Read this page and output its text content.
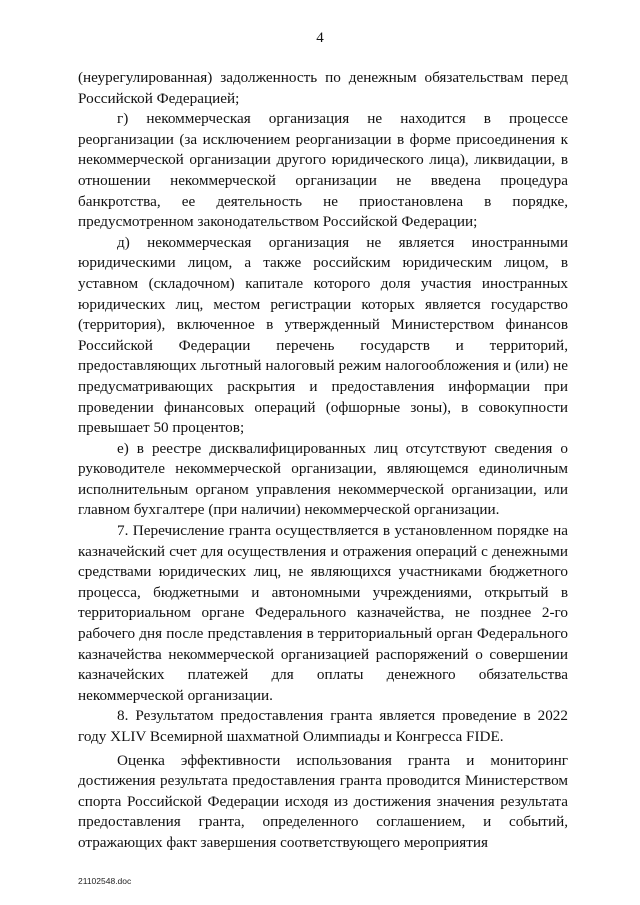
4

(неурегулированная) задолженность по денежным обязательствам перед Российской Федерацией;

г) некоммерческая организация не находится в процессе реорганизации (за исключением реорганизации в форме присоединения к некоммерческой организации другого юридического лица), ликвидации, в отношении некоммерческой организации не введена процедура банкротства, ее деятельность не приостановлена в порядке, предусмотренном законодательством Российской Федерации;

д) некоммерческая организация не является иностранными юридическими лицом, а также российским юридическим лицом, в уставном (складочном) капитале которого доля участия иностранных юридических лиц, местом регистрации которых является государство (территория), включенное в утвержденный Министерством финансов Российской Федерации перечень государств и территорий, предоставляющих льготный налоговый режим налогообложения и (или) не предусматривающих раскрытия и предоставления информации при проведении финансовых операций (офшорные зоны), в совокупности превышает 50 процентов;

е) в реестре дисквалифицированных лиц отсутствуют сведения о руководителе некоммерческой организации, являющемся единоличным исполнительным органом управления некоммерческой организации, или главном бухгалтере (при наличии) некоммерческой организации.

7. Перечисление гранта осуществляется в установленном порядке на казначейский счет для осуществления и отражения операций с денежными средствами юридических лиц, не являющихся участниками бюджетного процесса, бюджетными и автономными учреждениями, открытый в территориальном органе Федерального казначейства, не позднее 2-го рабочего дня после представления в территориальный орган Федерального казначейства некоммерческой организацией распоряжений о совершении казначейских платежей для оплаты денежного обязательства некоммерческой организации.

8. Результатом предоставления гранта является проведение в 2022 году XLIV Всемирной шахматной Олимпиады и Конгресса FIDE.

Оценка эффективности использования гранта и мониторинг достижения результата предоставления гранта проводится Министерством спорта Российской Федерации исходя из достижения значения результата предоставления гранта, определенного соглашением, и событий, отражающих факт завершения соответствующего мероприятия

21102548.doc
